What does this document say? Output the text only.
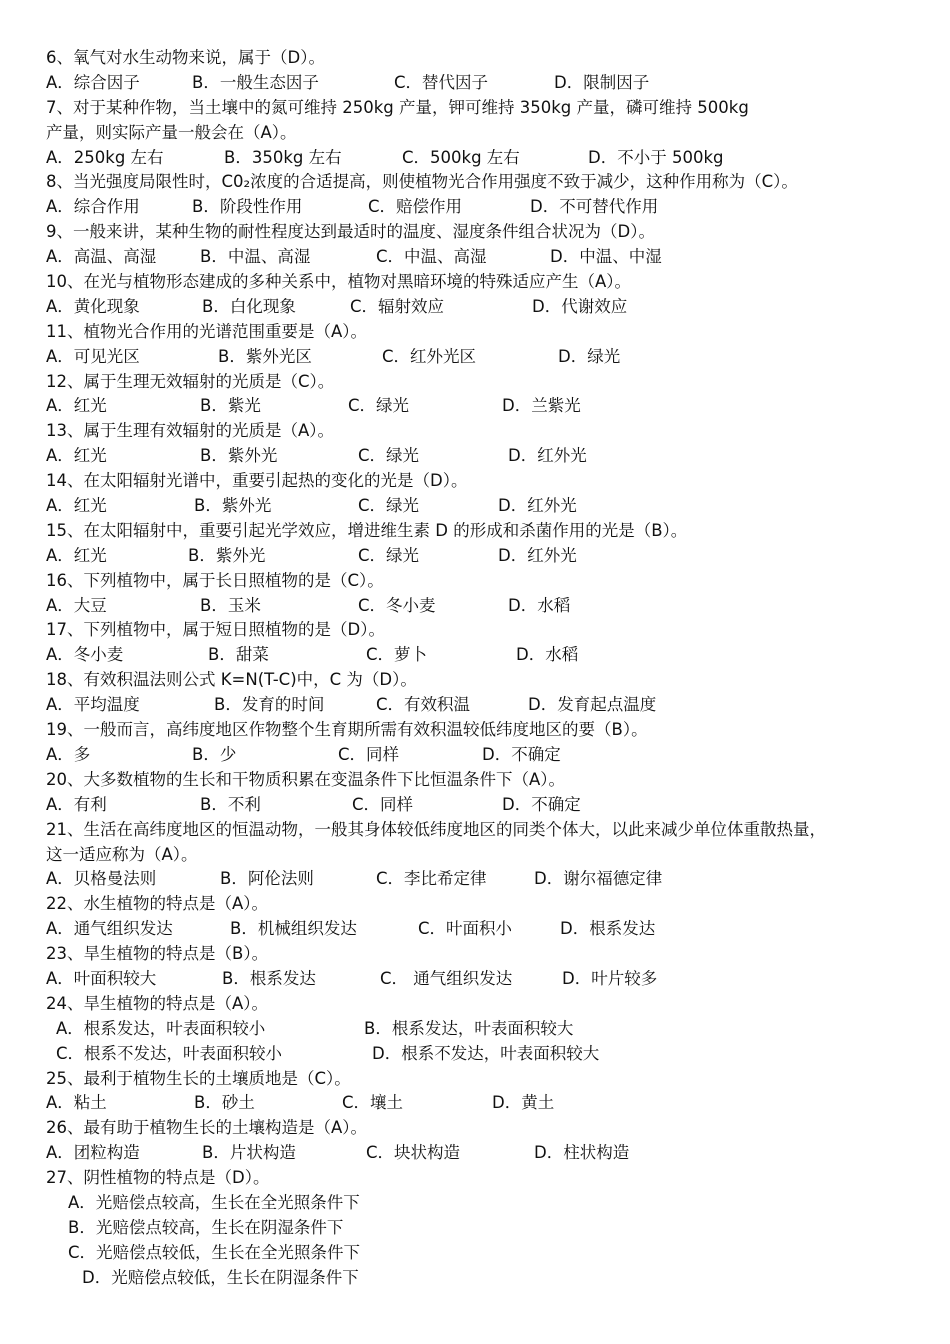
6、氧气对水生动物来说，属于（D）。
A．综合因子	B．一般生态因子	C．替代因子	D．限制因子
7、对于某种作物，当土壤中的氮可维持 250kg 产量，钾可维持 350kg 产量，磷可维持 500kg
产量，则实际产量一般会在（A）。
A．250kg 左右	B．350kg 左右	C．500kg 左右	D．不小于 500kg
8、当光强度局限性时，C0₂浓度的合适提高，则使植物光合作用强度不致于减少，这种作用称为（C）。
A．综合作用	B．阶段性作用	C．赔偿作用	D．不可替代作用
9、一般来讲，某种生物的耐性程度达到最适时的温度、湿度条件组合状况为（D）。
A．高温、高湿	B．中温、高湿	C．中温、高湿	D．中温、中湿
10、在光与植物形态建成的多种关系中，植物对黑暗环境的特殊适应产生（A）。
A．黄化现象	B．白化现象	C．辐射效应	D．代谢效应
11、植物光合作用的光谱范围重要是（A）。
A．可见光区	B．紫外光区	C．红外光区	D．绿光
12、属于生理无效辐射的光质是（C）。
A．红光	B．紫光	C．绿光	D．兰紫光
13、属于生理有效辐射的光质是（A）。
A．红光	B．紫外光	C．绿光	D．红外光
14、在太阳辐射光谱中，重要引起热的变化的光是（D）。
A．红光	B．紫外光	C．绿光	D．红外光
15、在太阳辐射中，重要引起光学效应，增进维生素 D 的形成和杀菌作用的光是（B）。
A．红光	B．紫外光	C．绿光	D．红外光
16、下列植物中，属于长日照植物的是（C）。
A．大豆	B．玉米	C．冬小麦	D．水稻
17、下列植物中，属于短日照植物的是（D）。
A．冬小麦	B．甜菜	C．萝卜	D．水稻
18、有效积温法则公式 K=N(T-C)中，C 为（D）。
A．平均温度	B．发育的时间	C．有效积温	D．发育起点温度
19、一般而言，高纬度地区作物整个生育期所需有效积温较低纬度地区的要（B）。
A．多	B．少	C．同样	D．不确定
20、大多数植物的生长和干物质积累在变温条件下比恒温条件下（A）。
A．有利	B．不利	C．同样	D．不确定
21、生活在高纬度地区的恒温动物，一般其身体较低纬度地区的同类个体大，以此来减少单位体重散热量，
这一适应称为（A）。
A．贝格曼法则	B．阿伦法则	C．李比希定律	D．谢尔福德定律
22、水生植物的特点是（A）。
A．通气组织发达	B．机械组织发达	C．叶面积小	D．根系发达
23、旱生植物的特点是（B）。
A．叶面积较大	B．根系发达	C． 通气组织发达	D．叶片较多
24、旱生植物的特点是（A）。
A．根系发达，叶表面积较小	B．根系发达，叶表面积较大
C．根系不发达，叶表面积较小	D．根系不发达，叶表面积较大
25、最利于植物生长的土壤质地是（C）。
A．粘土	B．砂土	C．壤土	D．黄土
26、最有助于植物生长的土壤构造是（A）。
A．团粒构造	B．片状构造	C．块状构造	D．柱状构造
27、阴性植物的特点是（D）。
A．光赔偿点较高，生长在全光照条件下
B．光赔偿点较高，生长在阴湿条件下
C．光赔偿点较低，生长在全光照条件下
D．光赔偿点较低，生长在阴湿条件下
